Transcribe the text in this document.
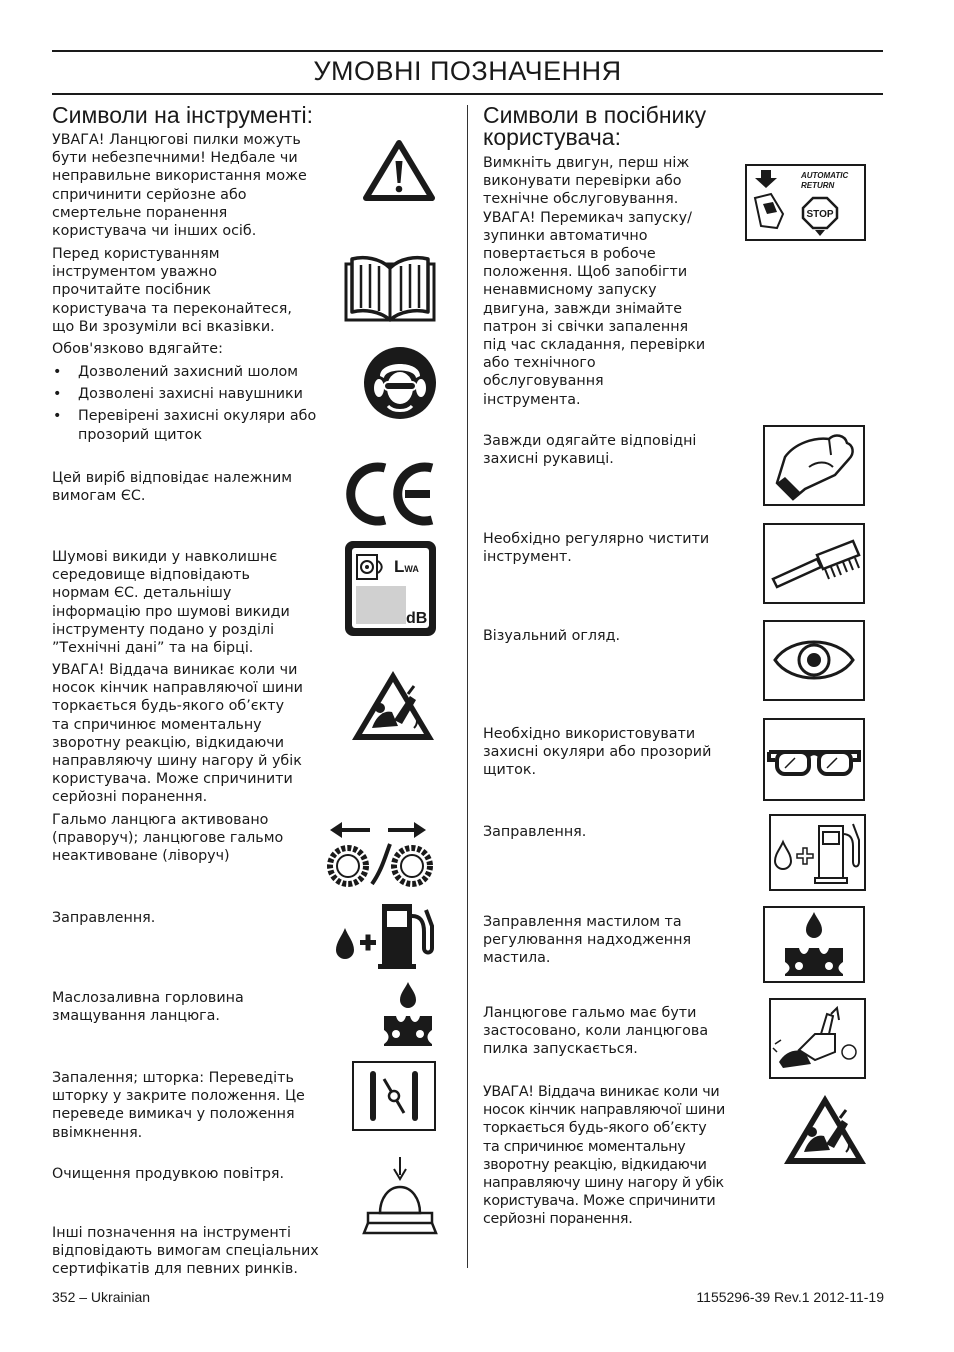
УМОВНІ ПОЗНАЧЕННЯ
Символи на інструменті:
УВАГА! Ланцюгові пилки можуть
бути небезпечними! Недбале чи
неправильне використання може
спричинити серйозне або
смертельне поранення
користувача чи інших осіб.
Перед користуванням
інструментом уважно
прочитайте посібник
користувача та переконайтеся,
що Ви зрозуміли всі вказівки.
Обов'язково вдягайте:
• Дозволений захисний шолом
• Дозволені захисні навушники
• Перевірені захисні окуляри або
прозорий щиток
Цей виріб відповідає належним
вимогам ЄС.
Шумові викиди у навколишнє
середовище відповідають
нормам ЄС. детальнішу
інформацію про шумові викиди
інструменту подано у розділі
”Технічні дані” та на бірці.
LWA
dB
УВАГА! Віддача виникає коли чи
носок кінчик направляючої шини
торкається будь-якого об’єкту
та спричинює моментальну
зворотну реакцію, відкидаючи
направляючу шину нагору й убік
користувача. Може спричинити
серйозні поранення.
Гальмо ланцюга активовано
(праворуч); ланцюгове гальмо
неактивоване (ліворуч)
Заправлення.
Маслозаливна горловина
змащування ланцюга.
Запалення; шторка: Переведіть
шторку у закрите положення. Це
переведе вимикач у положення
ввімкнення.
Очищення продувкою повітря.
Інші позначення на інструменті
відповідають вимогам спеціальних
сертифікатів для певних ринків.
Символи в посібнику
користувача:
Вимкніть двигун, перш ніж
виконувати перевірки або
технічне обслуговування.
УВАГА! Перемикач запуску/
зупинки автоматично
повертається в робоче
положення. Щоб запобігти
ненавмисному запуску
двигуна, завжди знімайте
патрон зі свічки запалення
під час складання, перевірки
або технічного
обслуговування
інструмента.
AUTOMATIC
RETURN
STOP
Завжди одягайте відповідні
захисні рукавиці.
Необхідно регулярно чистити
інструмент.
Візуальний огляд.
Необхідно використовувати
захисні окуляри або прозорий
щиток.
Заправлення.
Заправлення мастилом та
регулювання надходження
мастила.
Ланцюгове гальмо має бути
застосовано, коли ланцюгова
пилка запускається.
УВАГА! Віддача виникає коли чи
носок кінчик направляючої шини
торкається будь-якого об’єкту
та спричинює моментальну
зворотну реакцію, відкидаючи
направляючу шину нагору й убік
користувача. Може спричинити
серйозні поранення.
352 – Ukrainian	1155296-39 Rev.1 2012-11-19
